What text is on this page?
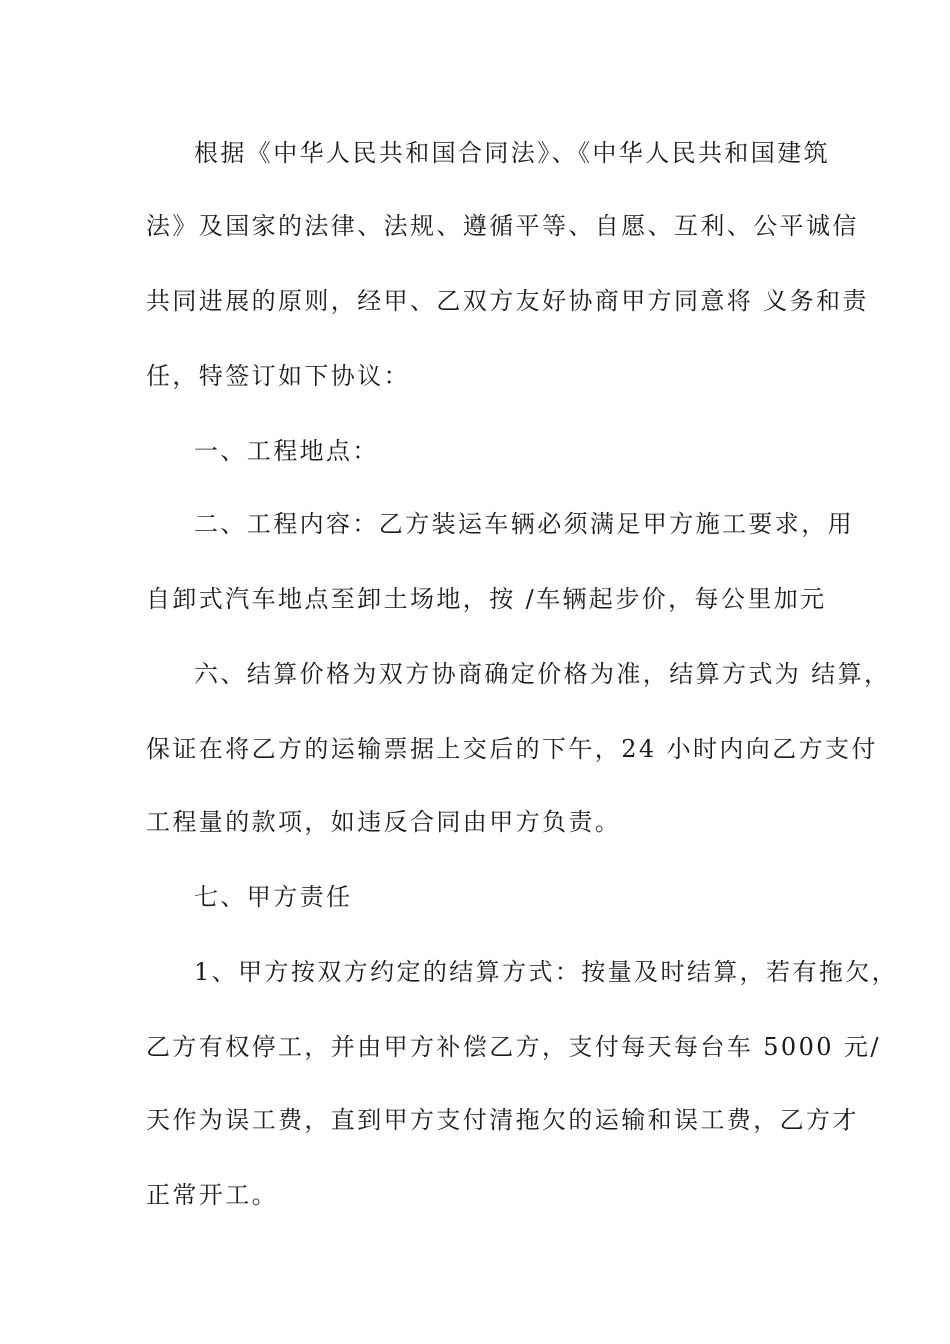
根据《中华人民共和国合同法》、《中华人民共和国建筑
法》及国家的法律、法规、遵循平等、自愿、互利、公平诚信
共同进展的原则，经甲、乙双方友好协商甲方同意将 义务和责
任，特签订如下协议：
一、工程地点：
二、工程内容：乙方装运车辆必须满足甲方施工要求，用
自卸式汽车地点至卸土场地，按 /车辆起步价，每公里加元
六、结算价格为双方协商确定价格为准，结算方式为 结算，
保证在将乙方的运输票据上交后的下午，24 小时内向乙方支付
工程量的款项，如违反合同由甲方负责。
七、甲方责任
1、甲方按双方约定的结算方式：按量及时结算，若有拖欠，
乙方有权停工，并由甲方补偿乙方，支付每天每台车 5000 元/
天作为误工费，直到甲方支付清拖欠的运输和误工费，乙方才
正常开工。
